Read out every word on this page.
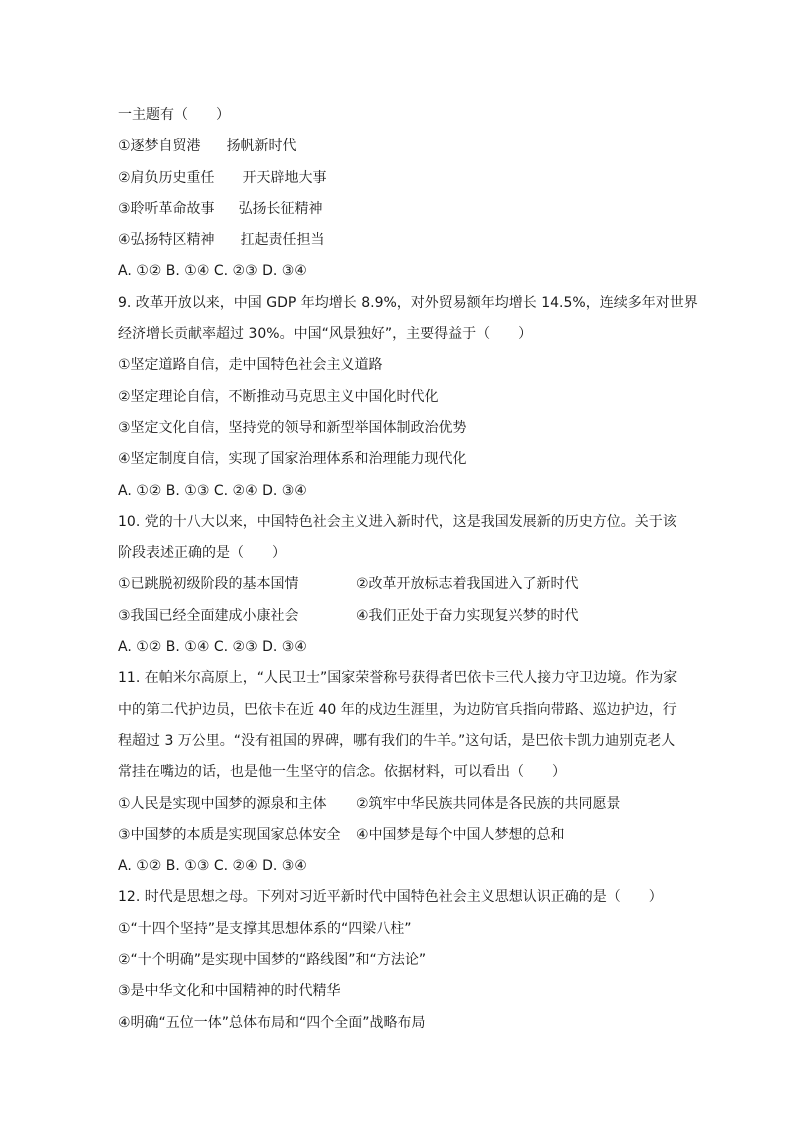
一主题有（　　）
①逐梦自贸港 扬帆新时代
②肩负历史重任 开天辟地大事
③聆听革命故事 弘扬长征精神
④弘扬特区精神 扛起责任担当
A. ①② B. ①④ C. ②③ D. ③④
9. 改革开放以来，中国 GDP 年均增长 8.9%，对外贸易额年均增长 14.5%，连续多年对世界
经济增长贡献率超过 30%。中国“风景独好”，主要得益于（　　）
①坚定道路自信，走中国特色社会主义道路
②坚定理论自信，不断推动马克思主义中国化时代化
③坚定文化自信，坚持党的领导和新型举国体制政治优势
④坚定制度自信，实现了国家治理体系和治理能力现代化
A. ①② B. ①③ C. ②④ D. ③④
10. 党的十八大以来，中国特色社会主义进入新时代，这是我国发展新的历史方位。关于该
阶段表述正确的是（　　）
①已跳脱初级阶段的基本国情	②改革开放标志着我国进入了新时代
③我国已经全面建成小康社会	④我们正处于奋力实现复兴梦的时代
A. ①② B. ①④ C. ②③ D. ③④
11. 在帕米尔高原上，“人民卫士”国家荣誉称号获得者巴依卡三代人接力守卫边境。作为家
中的第二代护边员，巴依卡在近 40 年的戍边生涯里，为边防官兵指向带路、巡边护边，行
程超过 3 万公里。“没有祖国的界碑，哪有我们的牛羊。”这句话，是巴依卡凯力迪别克老人
常挂在嘴边的话，也是他一生坚守的信念。依据材料，可以看出（　　）
①人民是实现中国梦的源泉和主体	②筑牢中华民族共同体是各民族的共同愿景
③中国梦的本质是实现国家总体安全	④中国梦是每个中国人梦想的总和
A. ①② B. ①③ C. ②④ D. ③④
12. 时代是思想之母。下列对习近平新时代中国特色社会主义思想认识正确的是（　　）
①“十四个坚持”是支撑其思想体系的“四梁八柱”
②“十个明确”是实现中国梦的“路线图”和“方法论”
③是中华文化和中国精神的时代精华
④明确“五位一体”总体布局和“四个全面”战略布局
